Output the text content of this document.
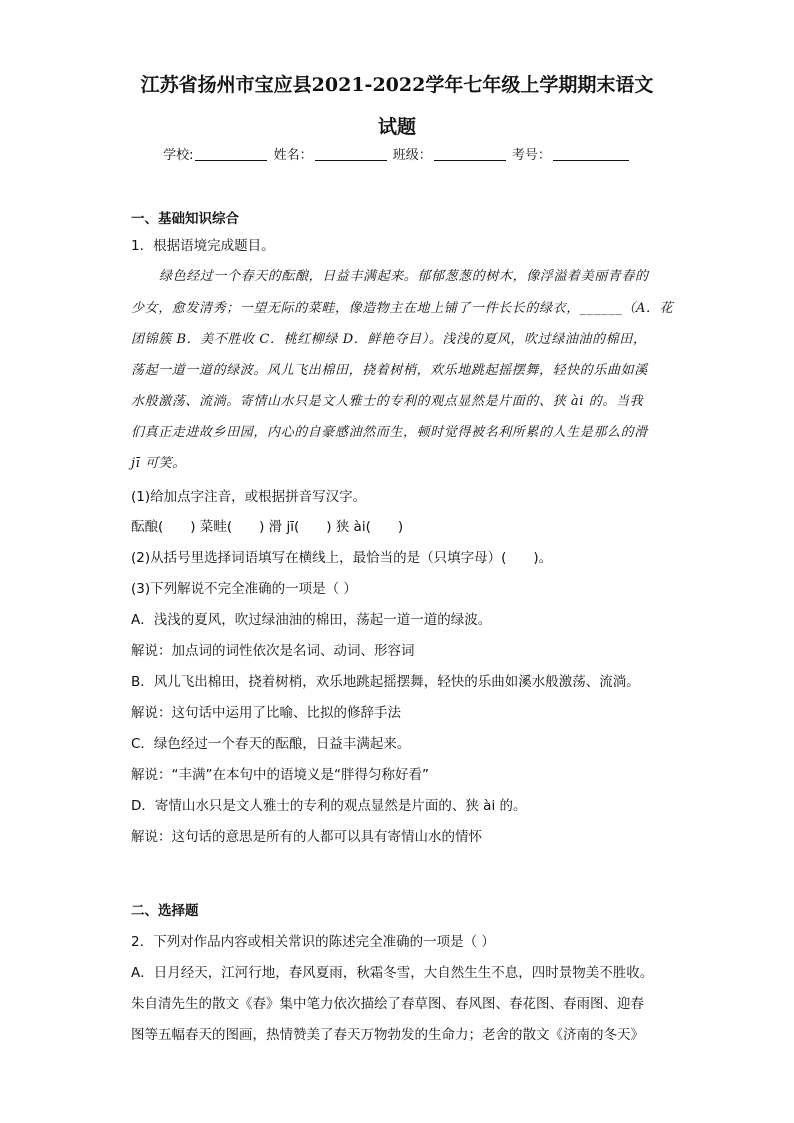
江苏省扬州市宝应县2021-2022学年七年级上学期期末语文
试题
学校:	姓名：	班级：	考号：
一、基础知识综合
1．根据语境完成题目。
绿色经过一个春天的酝酿，日益丰满起来。郁郁葱葱的树木，像浮溢着美丽青春的
少女，愈发清秀；一望无际的菜畦，像造物主在地上铺了一件长长的绿衣，______（A．花
团锦簇 B．美不胜收 C．桃红柳绿 D．鲜艳夺目）。浅浅的夏风，吹过绿油油的棉田，
荡起一道一道的绿波。风儿飞出棉田，挠着树梢，欢乐地跳起摇摆舞，轻快的乐曲如溪
水般激荡、流淌。寄情山水只是文人雅士的专利的观点显然是片面的、狭 ài 的。当我
们真正走进故乡田园，内心的自豪感油然而生，顿时觉得被名利所累的人生是那么的滑
jī 可笑。
(1)给加点字注音，或根据拼音写汉字。
酝酿(　　) 菜畦(　　) 滑 jī(　　) 狭 ài(　　)
(2)从括号里选择词语填写在横线上，最恰当的是（只填字母）(　　)。
(3)下列解说不完全准确的一项是（ ）
A．浅浅的夏风，吹过绿油油的棉田，荡起一道一道的绿波。
解说：加点词的词性依次是名词、动词、形容词
B．风儿飞出棉田，挠着树梢，欢乐地跳起摇摆舞，轻快的乐曲如溪水般激荡、流淌。
解说：这句话中运用了比喻、比拟的修辞手法
C．绿色经过一个春天的酝酿，日益丰满起来。
解说：“丰满”在本句中的语境义是“胖得匀称好看”
D．寄情山水只是文人雅士的专利的观点显然是片面的、狭 ài 的。
解说：这句话的意思是所有的人都可以具有寄情山水的情怀
二、选择题
2．下列对作品内容或相关常识的陈述完全准确的一项是（ ）
A．日月经天，江河行地，春风夏雨，秋霜冬雪，大自然生生不息，四时景物美不胜收。
朱自清先生的散文《春》集中笔力依次描绘了春草图、春风图、春花图、春雨图、迎春
图等五幅春天的图画，热情赞美了春天万物勃发的生命力；老舍的散文《济南的冬天》
